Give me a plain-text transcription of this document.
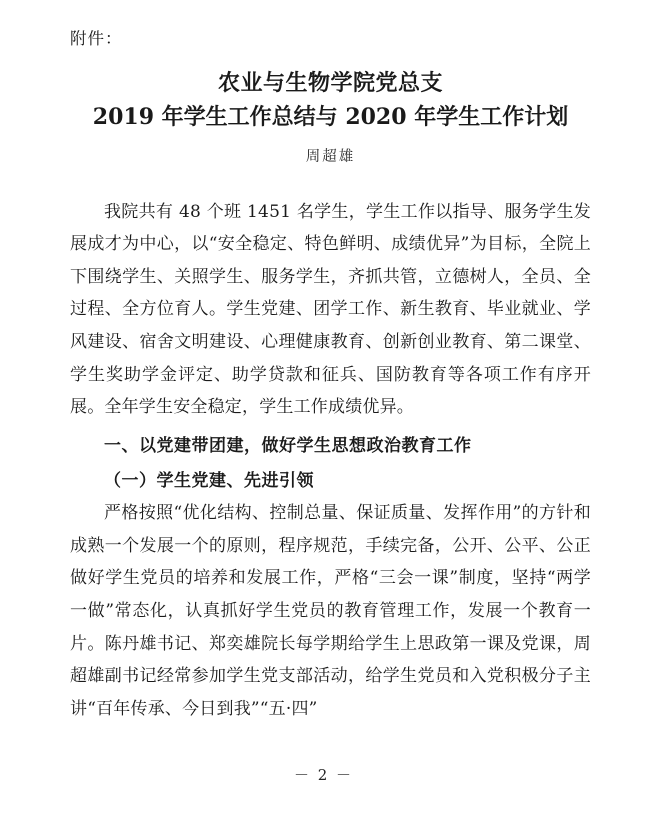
附件：
农业与生物学院党总支
2019 年学生工作总结与 2020 年学生工作计划
周超雄

我院共有 48 个班 1451 名学生，学生工作以指导、服务学生发展成才为中心，以“安全稳定、特色鲜明、成绩优异”为目标，全院上下围绕学生、关照学生、服务学生，齐抓共管，立德树人，全员、全过程、全方位育人。学生党建、团学工作、新生教育、毕业就业、学风建设、宿舍文明建设、心理健康教育、创新创业教育、第二课堂、学生奖助学金评定、助学贷款和征兵、国防教育等各项工作有序开展。全年学生安全稳定，学生工作成绩优异。

一、以党建带团建，做好学生思想政治教育工作

（一）学生党建、先进引领

严格按照“优化结构、控制总量、保证质量、发挥作用”的方针和成熟一个发展一个的原则，程序规范，手续完备，公开、公平、公正做好学生党员的培养和发展工作，严格“三会一课”制度，坚持“两学一做”常态化，认真抓好学生党员的教育管理工作，发展一个教育一片。陈丹雄书记、郑奕雄院长每学期给学生上思政第一课及党课，周超雄副书记经常参加学生党支部活动，给学生党员和入党积极分子主讲“百年传承、今日到我”“五·四”

－ 2 －
